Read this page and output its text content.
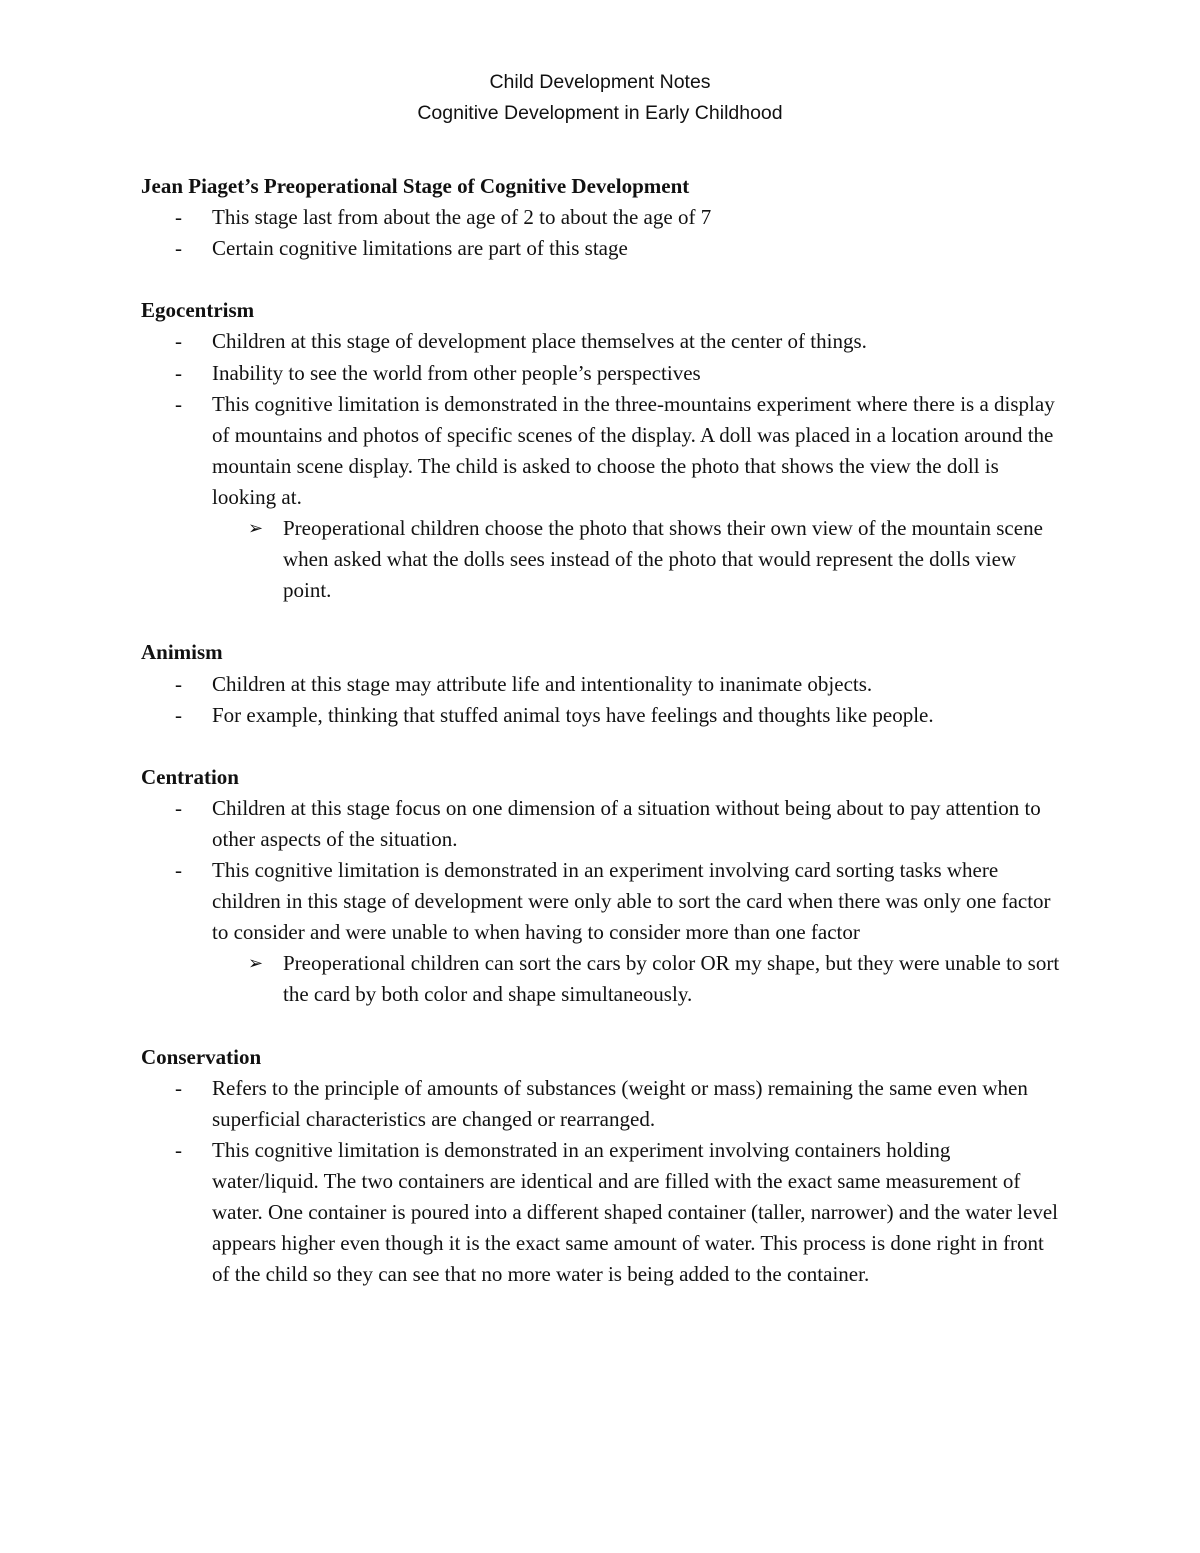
Child Development Notes
Cognitive Development in Early Childhood
Jean Piaget’s Preoperational Stage of Cognitive Development
- This stage last from about the age of 2 to about the age of 7
- Certain cognitive limitations are part of this stage
Egocentrism
- Children at this stage of development place themselves at the center of things.
- Inability to see the world from other people’s perspectives
- This cognitive limitation is demonstrated in the three-mountains experiment where there is a display of mountains and photos of specific scenes of the display. A doll was placed in a location around the mountain scene display. The child is asked to choose the photo that shows the view the doll is looking at.
➢ Preoperational children choose the photo that shows their own view of the mountain scene when asked what the dolls sees instead of the photo that would represent the dolls view point.
Animism
- Children at this stage may attribute life and intentionality to inanimate objects.
- For example, thinking that stuffed animal toys have feelings and thoughts like people.
Centration
- Children at this stage focus on one dimension of a situation without being about to pay attention to other aspects of the situation.
- This cognitive limitation is demonstrated in an experiment involving card sorting tasks where children in this stage of development were only able to sort the card when there was only one factor to consider and were unable to when having to consider more than one factor
➢ Preoperational children can sort the cars by color OR my shape, but they were unable to sort the card by both color and shape simultaneously.
Conservation
- Refers to the principle of amounts of substances (weight or mass) remaining the same even when superficial characteristics are changed or rearranged.
- This cognitive limitation is demonstrated in an experiment involving containers holding water/liquid. The two containers are identical and are filled with the exact same measurement of water. One container is poured into a different shaped container (taller, narrower) and the water level appears higher even though it is the exact same amount of water. This process is done right in front of the child so they can see that no more water is being added to the container.
